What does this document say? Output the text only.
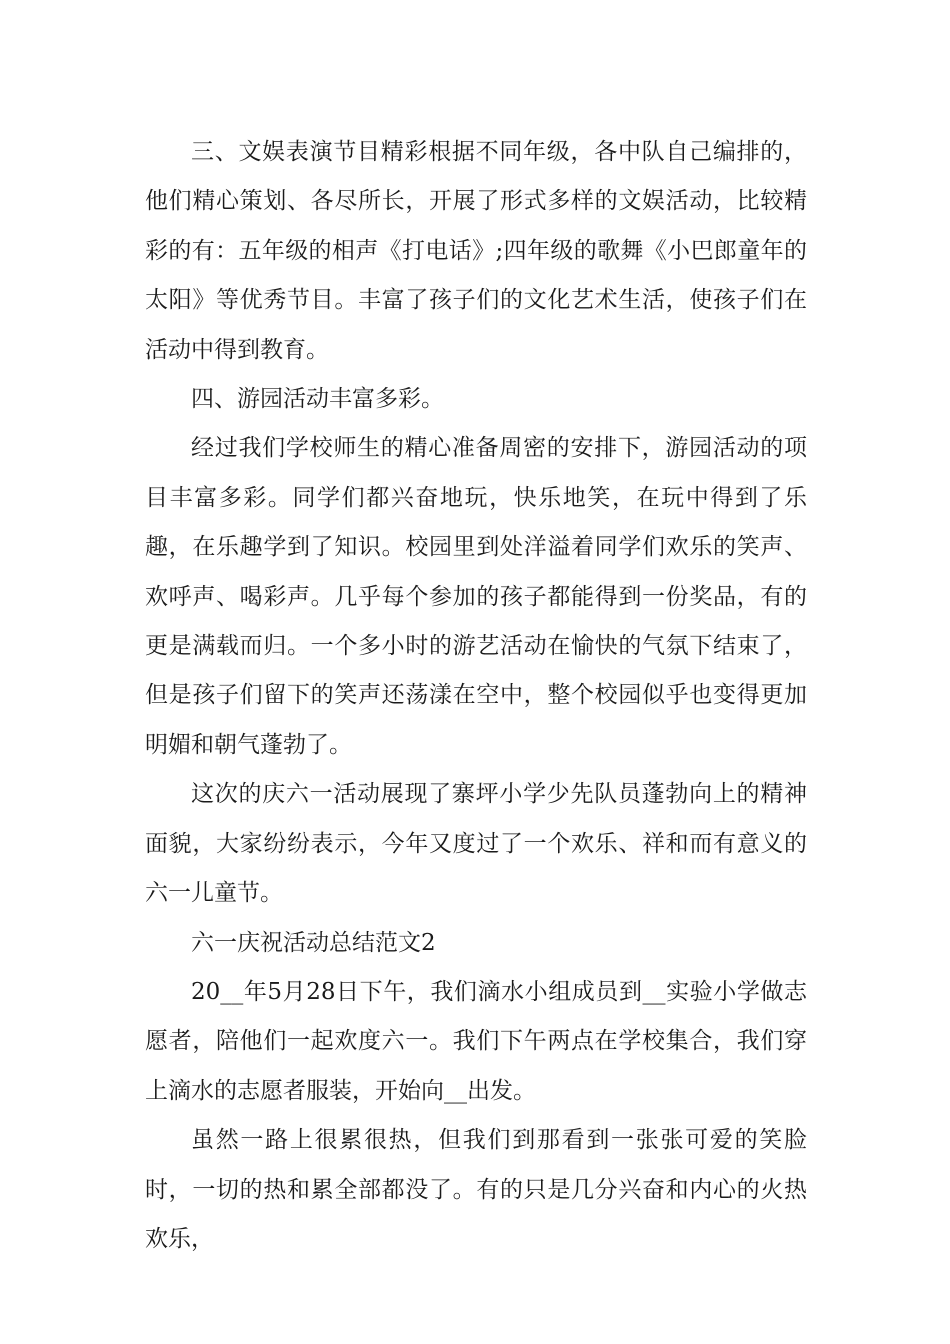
三、文娱表演节目精彩根据不同年级，各中队自己编排的，他们精心策划、各尽所长，开展了形式多样的文娱活动，比较精彩的有：五年级的相声《打电话》;四年级的歌舞《小巴郎童年的太阳》等优秀节目。丰富了孩子们的文化艺术生活，使孩子们在活动中得到教育。

四、游园活动丰富多彩。

经过我们学校师生的精心准备周密的安排下，游园活动的项目丰富多彩。同学们都兴奋地玩，快乐地笑，在玩中得到了乐趣，在乐趣学到了知识。校园里到处洋溢着同学们欢乐的笑声、欢呼声、喝彩声。几乎每个参加的孩子都能得到一份奖品，有的更是满载而归。一个多小时的游艺活动在愉快的气氛下结束了，但是孩子们留下的笑声还荡漾在空中，整个校园似乎也变得更加明媚和朝气蓬勃了。

这次的庆六一活动展现了寨坪小学少先队员蓬勃向上的精神面貌，大家纷纷表示，今年又度过了一个欢乐、祥和而有意义的六一儿童节。

六一庆祝活动总结范文2

20__年5月28日下午，我们滴水小组成员到__实验小学做志愿者，陪他们一起欢度六一。我们下午两点在学校集合，我们穿上滴水的志愿者服装，开始向__出发。

虽然一路上很累很热，但我们到那看到一张张可爱的笑脸时，一切的热和累全部都没了。有的只是几分兴奋和内心的火热欢乐，
